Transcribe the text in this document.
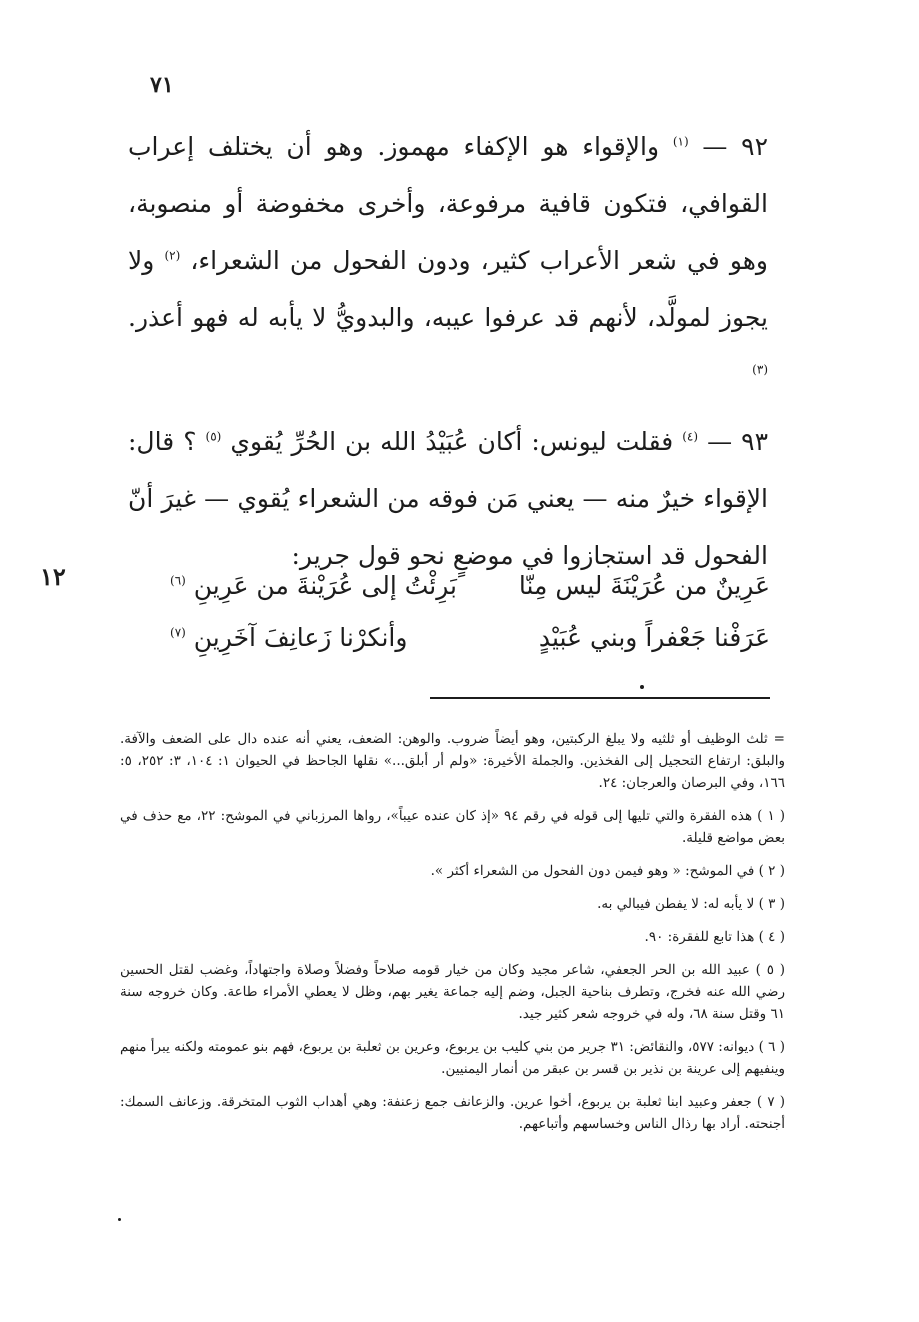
٧١
١٢

٩٢ — $^{(١)}$ والإقواء هو الإكفاء مهموز. وهو أن يختلف إعراب القوافي، فتكون قافية مرفوعة، وأخرى مخفوضة أو منصوبة، وهو في شعر الأعراب كثير، ودون الفحول من الشعراء، $^{(٢)}$ ولا يجوز لمولَّد، لأنهم قد عرفوا عيبه، والبدويُّ لا يأبه له فهو أعذر. $^{(٣)}$

٩٣ — $^{(٤)}$ فقلت ليونس: أكان عُبَيْدُ الله بن الحُرِّ يُقوي $^{(٥)}$ ؟ قال: الإقواء خيرٌ منه — يعني مَن فوقه من الشعراء يُقوي — غيرَ أنّ الفحول قد استجازوا في موضعٍ نحو قول جرير:

عَرِينٌ من عُرَيْنَةَ ليس مِنّا
بَرِئْتُ إلى عُرَيْنةَ من عَرِينِ $^{(٦)}$
عَرَفْنا جَعْفراً وبني عُبَيْدٍ
وأنكرْنا زَعانِفَ آخَرِينِ $^{(٧)}$

= ثلث الوظيف أو ثلثيه ولا يبلغ الركبتين، وهو أيضاً ضروب. والوهن: الضعف، يعني أنه عنده دال على الضعف والآفة. والبلق: ارتفاع التحجيل إلى الفخذين. والجملة الأخيرة: «ولم أر أبلق...» نقلها الجاحظ في الحيوان ١: ١٠٤، ٣: ٢٥٢، ٥: ١٦٦، وفي البرصان والعرجان: ٢٤.

( ١ ) هذه الفقرة والتي تليها إلى قوله في رقم ٩٤ «إذ كان عنده عيباً»، رواها المرزباني في الموشح: ٢٢، مع حذف في بعض مواضع قليلة.

( ٢ ) في الموشح: « وهو فيمن دون الفحول من الشعراء أكثر ».

( ٣ ) لا يأبه له: لا يفطن فيبالي به.

( ٤ ) هذا تابع للفقرة: ٩٠.

( ٥ ) عبيد الله بن الحر الجعفي، شاعر مجيد وكان من خيار قومه صلاحاً وفضلاً وصلاة واجتهاداً، وغضب لقتل الحسين رضي الله عنه فخرج، وتطرف بناحية الجبل، وضم إليه جماعة يغير بهم، وظل لا يعطي الأمراء طاعة. وكان خروجه سنة ٦١ وقتل سنة ٦٨، وله في خروجه شعر كثير جيد.

( ٦ ) ديوانه: ٥٧٧، والنقائض: ٣١ جرير من بني كليب بن يربوع، وعرين بن ثعلبة بن يربوع، فهم بنو عمومته ولكنه يبرأ منهم وينفيهم إلى عرينة بن نذير بن قسر بن عبقر من أنمار اليمنيين.

( ٧ ) جعفر وعبيد ابنا ثعلبة بن يربوع، أخوا عرين. والزعانف جمع زعنفة: وهي أهداب الثوب المتخرقة. وزعانف السمك: أجنحته. أراد بها رذال الناس وخساسهم وأتباعهم.
